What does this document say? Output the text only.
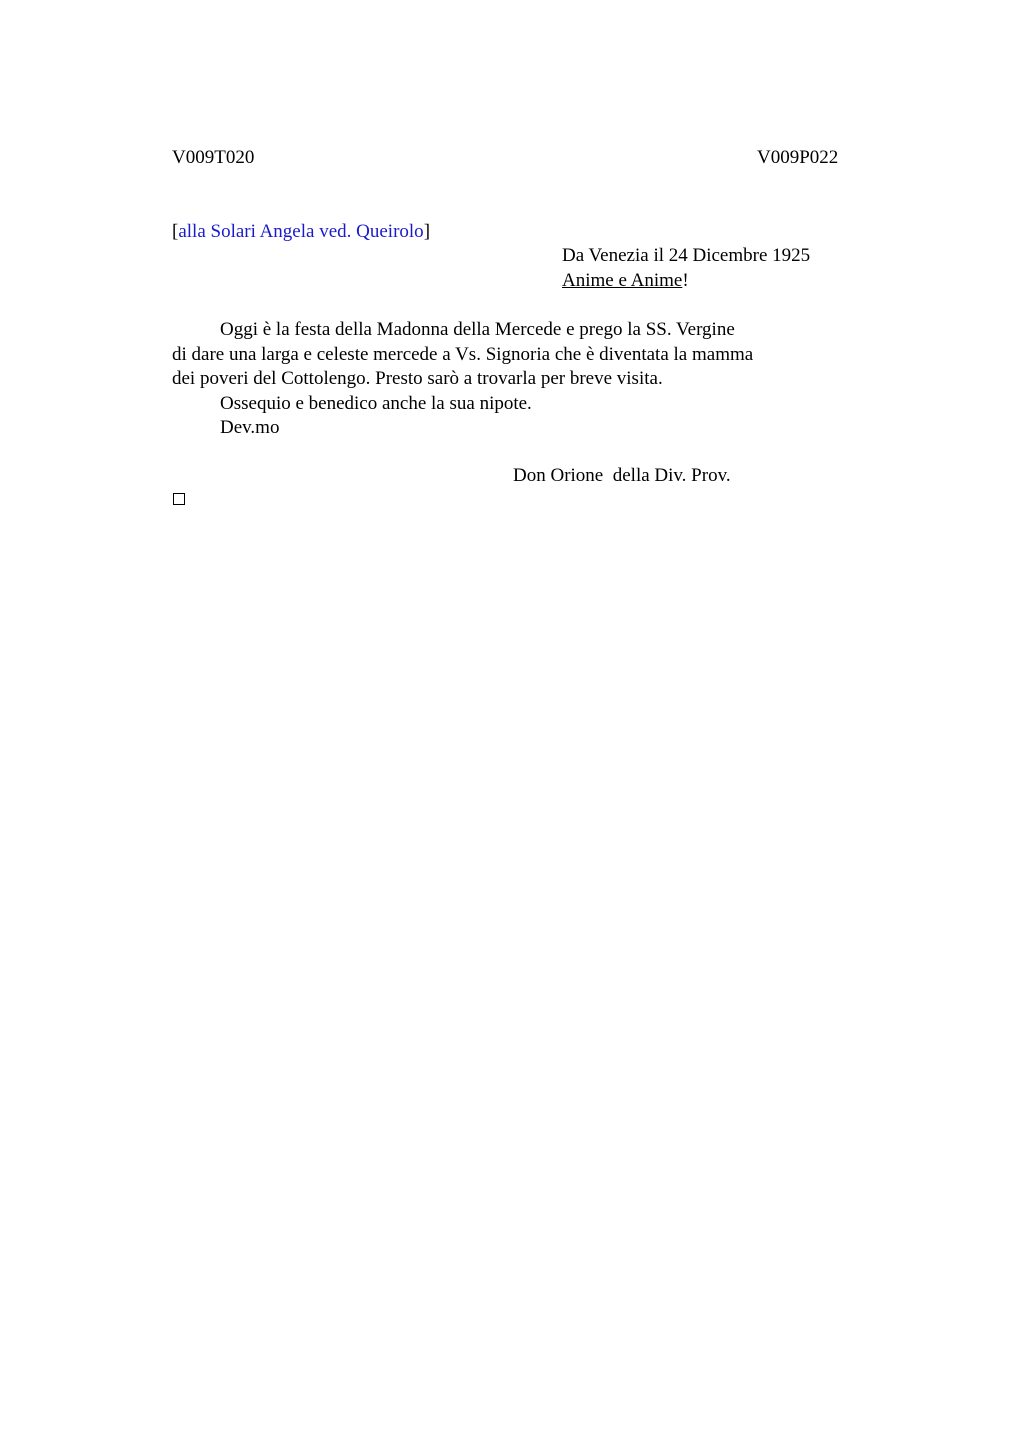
V009T020	V009P022
[alla Solari Angela ved. Queirolo]
Da Venezia il 24 Dicembre 1925
Anime e Anime!
Oggi è la festa della Madonna della Mercede e prego la SS. Vergine
di dare una larga e celeste mercede a Vs. Signoria che è diventata la mamma
dei poveri del Cottolengo. Presto sarò a trovarla per breve visita.
Ossequio e benedico anche la sua nipote.
Dev.mo
Don Orione  della Div. Prov.
